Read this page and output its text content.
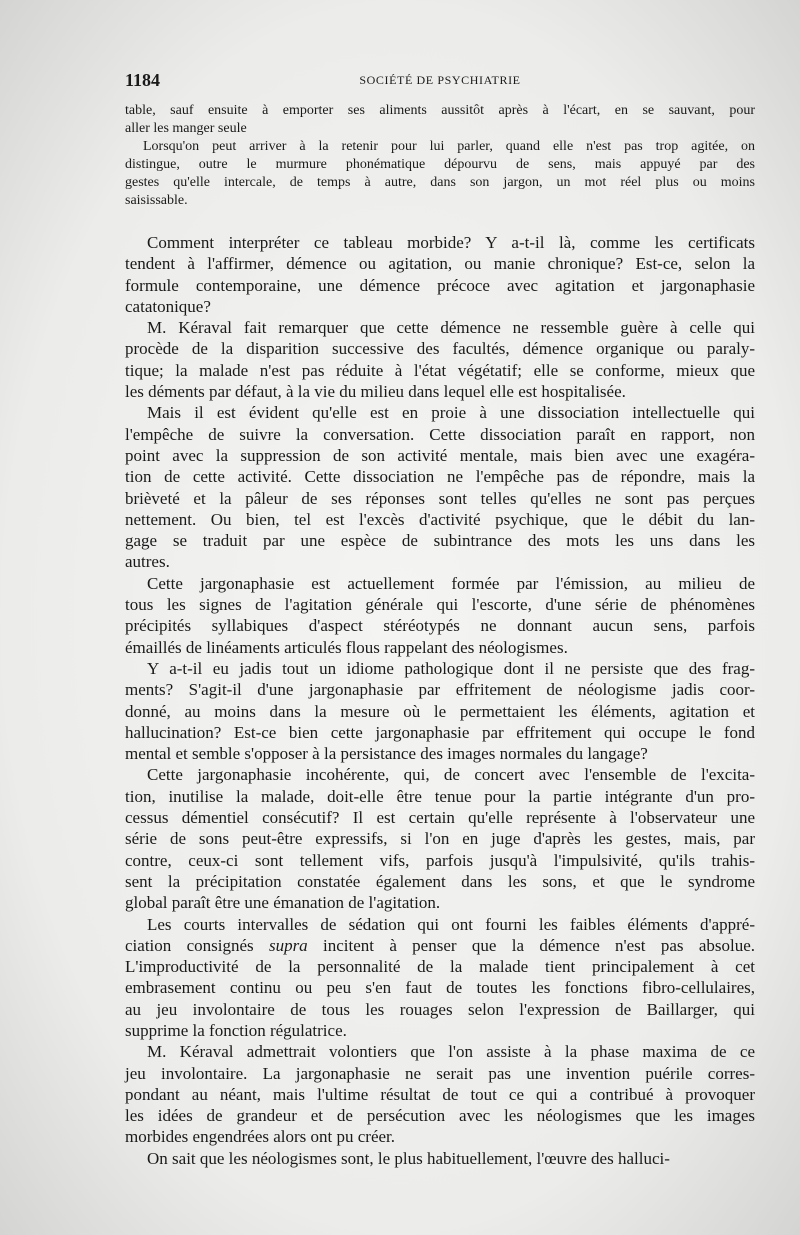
1184	SOCIÉTÉ DE PSYCHIATRIE
table, sauf ensuite à emporter ses aliments aussitôt après à l'écart, en se sauvant, pour
aller les manger seule
Lorsqu'on peut arriver à la retenir pour lui parler, quand elle n'est pas trop agitée, on
distingue, outre le murmure phonématique dépourvu de sens, mais appuyé par des
gestes qu'elle intercale, de temps à autre, dans son jargon, un mot réel plus ou moins
saisissable.
Comment interpréter ce tableau morbide? Y a-t-il là, comme les certificats
tendent à l'affirmer, démence ou agitation, ou manie chronique? Est-ce, selon la
formule contemporaine, une démence précoce avec agitation et jargonaphasie
catatonique?
M. Kéraval fait remarquer que cette démence ne ressemble guère à celle qui
procède de la disparition successive des facultés, démence organique ou paraly-
tique; la malade n'est pas réduite à l'état végétatif; elle se conforme, mieux que
les déments par défaut, à la vie du milieu dans lequel elle est hospitalisée.
Mais il est évident qu'elle est en proie à une dissociation intellectuelle qui
l'empêche de suivre la conversation. Cette dissociation paraît en rapport, non
point avec la suppression de son activité mentale, mais bien avec une exagéra-
tion de cette activité. Cette dissociation ne l'empêche pas de répondre, mais la
brièveté et la pâleur de ses réponses sont telles qu'elles ne sont pas perçues
nettement. Ou bien, tel est l'excès d'activité psychique, que le débit du lan-
gage se traduit par une espèce de subintrance des mots les uns dans les
autres.
Cette jargonaphasie est actuellement formée par l'émission, au milieu de
tous les signes de l'agitation générale qui l'escorte, d'une série de phénomènes
précipités syllabiques d'aspect stéréotypés ne donnant aucun sens, parfois
émaillés de linéaments articulés flous rappelant des néologismes.
Y a-t-il eu jadis tout un idiome pathologique dont il ne persiste que des frag-
ments? S'agit-il d'une jargonaphasie par effritement de néologisme jadis coor-
donné, au moins dans la mesure où le permettaient les éléments, agitation et
hallucination? Est-ce bien cette jargonaphasie par effritement qui occupe le fond
mental et semble s'opposer à la persistance des images normales du langage?
Cette jargonaphasie incohérente, qui, de concert avec l'ensemble de l'excita-
tion, inutilise la malade, doit-elle être tenue pour la partie intégrante d'un pro-
cessus démentiel consécutif? Il est certain qu'elle représente à l'observateur une
série de sons peut-être expressifs, si l'on en juge d'après les gestes, mais, par
contre, ceux-ci sont tellement vifs, parfois jusqu'à l'impulsivité, qu'ils trahis-
sent la précipitation constatée également dans les sons, et que le syndrome
global paraît être une émanation de l'agitation.
Les courts intervalles de sédation qui ont fourni les faibles éléments d'appré-
ciation consignés supra incitent à penser que la démence n'est pas absolue.
L'improductivité de la personnalité de la malade tient principalement à cet
embrasement continu ou peu s'en faut de toutes les fonctions fibro-cellulaires,
au jeu involontaire de tous les rouages selon l'expression de Baillarger, qui
supprime la fonction régulatrice.
M. Kéraval admettrait volontiers que l'on assiste à la phase maxima de ce
jeu involontaire. La jargonaphasie ne serait pas une invention puérile corres-
pondant au néant, mais l'ultime résultat de tout ce qui a contribué à provoquer
les idées de grandeur et de persécution avec les néologismes que les images
morbides engendrées alors ont pu créer.
On sait que les néologismes sont, le plus habituellement, l'œuvre des halluci-
